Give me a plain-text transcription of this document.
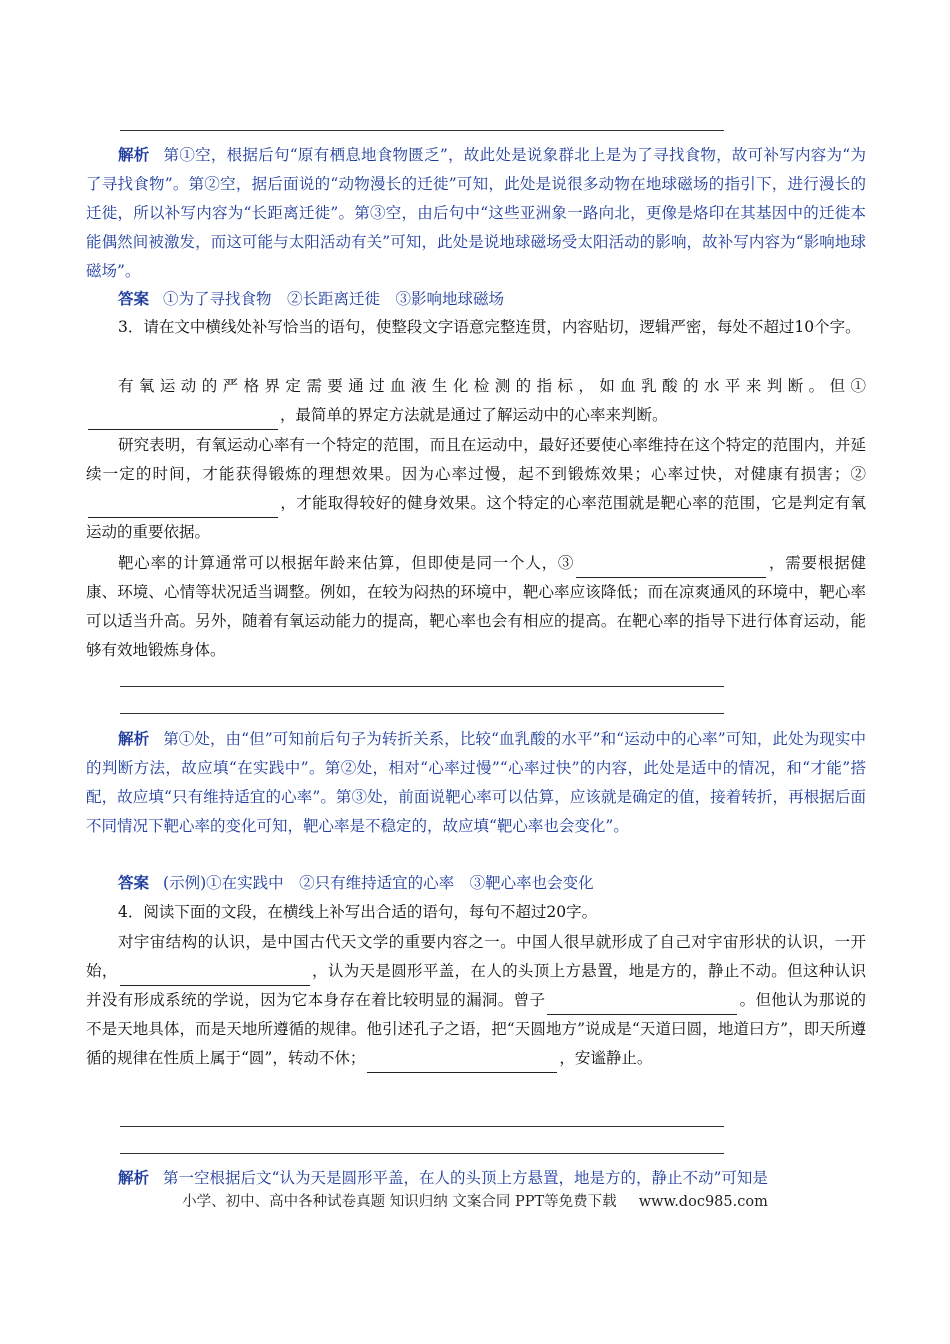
解析 第①空，根据后句“原有栖息地食物匮乏”，故此处是说象群北上是为了寻找食物，故可补写内容为“为了寻找食物”。第②空，据后面说的“动物漫长的迁徙”可知，此处是说很多动物在地球磁场的指引下，进行漫长的迁徙，所以补写内容为“长距离迁徙”。第③空，由后句中“这些亚洲象一路向北，更像是烙印在其基因中的迁徙本能偶然间被激发，而这可能与太阳活动有关”可知，此处是说地球磁场受太阳活动的影响，故补写内容为“影响地球磁场”。

答案 ①为了寻找食物　②长距离迁徙　③影响地球磁场

3．请在文中横线处补写恰当的语句，使整段文字语意完整连贯，内容贴切，逻辑严密，每处不超过10个字。

有氧运动的严格界定需要通过血液生化检测的指标，如血乳酸的水平来判断。但①，最简单的界定方法就是通过了解运动中的心率来判断。

研究表明，有氧运动心率有一个特定的范围，而且在运动中，最好还要使心率维持在这个特定的范围内，并延续一定的时间，才能获得锻炼的理想效果。因为心率过慢，起不到锻炼效果；心率过快，对健康有损害；②，才能取得较好的健身效果。这个特定的心率范围就是靶心率的范围，它是判定有氧运动的重要依据。

靶心率的计算通常可以根据年龄来估算，但即使是同一个人，③	，需要根据健康、环境、心情等状况适当调整。例如，在较为闷热的环境中，靶心率应该降低；而在凉爽通风的环境中，靶心率可以适当升高。另外，随着有氧运动能力的提高，靶心率也会有相应的提高。在靶心率的指导下进行体育运动，能够有效地锻炼身体。

解析 第①处，由“但”可知前后句子为转折关系，比较“血乳酸的水平”和“运动中的心率”可知，此处为现实中的判断方法，故应填“在实践中”。第②处，相对“心率过慢”“心率过快”的内容，此处是适中的情况，和“才能”搭配，故应填“只有维持适宜的心率”。第③处，前面说靶心率可以估算，应该就是确定的值，接着转折，再根据后面不同情况下靶心率的变化可知，靶心率是不稳定的，故应填“靶心率也会变化”。

答案 (示例)①在实践中　②只有维持适宜的心率　③靶心率也会变化

4．阅读下面的文段，在横线上补写出合适的语句，每句不超过20字。

对宇宙结构的认识，是中国古代天文学的重要内容之一。中国人很早就形成了自己对宇宙形状的认识，一开始，	，认为天是圆形平盖，在人的头顶上方悬置，地是方的，静止不动。但这种认识并没有形成系统的学说，因为它本身存在着比较明显的漏洞。曾子	。但他认为那说的不是天地具体，而是天地所遵循的规律。他引述孔子之语，把“天圆地方”说成是“天道曰圆，地道曰方”，即天所遵循的规律在性质上属于“圆”，转动不休；	，安谧静止。

解析 第一空根据后文“认为天是圆形平盖，在人的头顶上方悬置，地是方的，静止不动”可知是

小学、初中、高中各种试卷真题 知识归纳 文案合同 PPT等免费下载 www.doc985.com
